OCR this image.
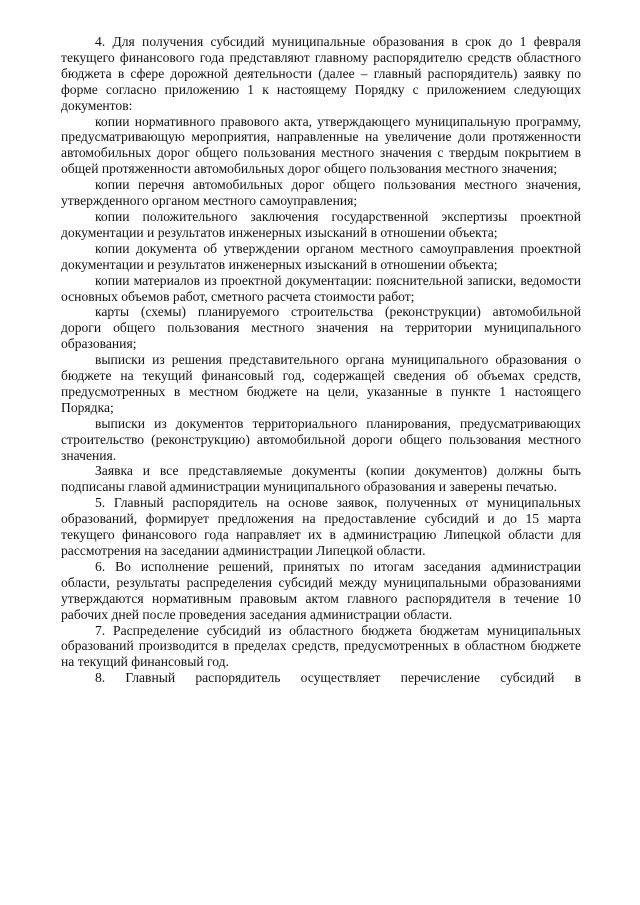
4. Для получения субсидий муниципальные образования в срок до 1 февраля текущего финансового года представляют главному распорядителю средств областного бюджета в сфере дорожной деятельности (далее – главный распорядитель) заявку по форме согласно приложению 1 к настоящему Порядку с приложением следующих документов:

копии нормативного правового акта, утверждающего муниципальную программу, предусматривающую мероприятия, направленные на увеличение доли протяженности автомобильных дорог общего пользования местного значения с твердым покрытием в общей протяженности автомобильных дорог общего пользования местного значения;

копии перечня автомобильных дорог общего пользования местного значения, утвержденного органом местного самоуправления;

копии положительного заключения государственной экспертизы проектной документации и результатов инженерных изысканий в отношении объекта;

копии документа об утверждении органом местного самоуправления проектной документации и результатов инженерных изысканий в отношении объекта;

копии материалов из проектной документации: пояснительной записки, ведомости основных объемов работ, сметного расчета стоимости работ;

карты (схемы) планируемого строительства (реконструкции) автомобильной дороги общего пользования местного значения на территории муниципального образования;

выписки из решения представительного органа муниципального образования о бюджете на текущий финансовый год, содержащей сведения об объемах средств, предусмотренных в местном бюджете на цели, указанные в пункте 1 настоящего Порядка;

выписки из документов территориального планирования, предусматривающих строительство (реконструкцию) автомобильной дороги общего пользования местного значения.

Заявка и все представляемые документы (копии документов) должны быть подписаны главой администрации муниципального образования и заверены печатью.

5. Главный распорядитель на основе заявок, полученных от муниципальных образований, формирует предложения на предоставление субсидий и до 15 марта текущего финансового года направляет их в администрацию Липецкой области для рассмотрения на заседании администрации Липецкой области.

6. Во исполнение решений, принятых по итогам заседания администрации области, результаты распределения субсидий между муниципальными образованиями утверждаются нормативным правовым актом главного распорядителя в течение 10 рабочих дней после проведения заседания администрации области.

7. Распределение субсидий из областного бюджета бюджетам муниципальных образований производится в пределах средств, предусмотренных в областном бюджете на текущий финансовый год.

8. Главный распорядитель осуществляет перечисление субсидий в
